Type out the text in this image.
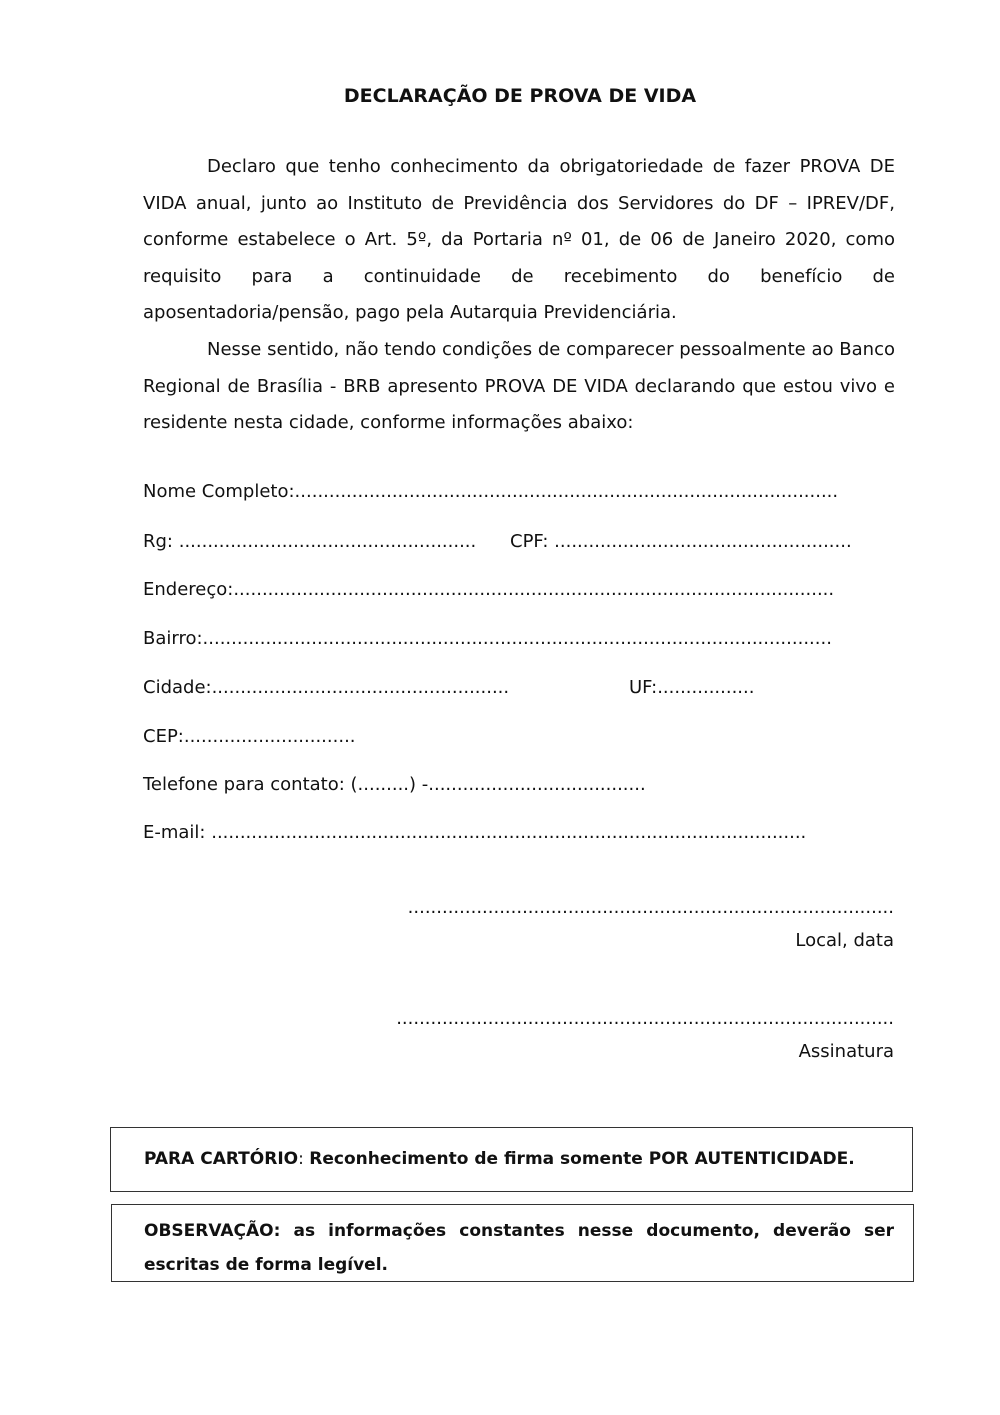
DECLARAÇÃO DE PROVA DE VIDA

Declaro que tenho conhecimento da obrigatoriedade de fazer PROVA DE VIDA anual, junto ao Instituto de Previdência dos Servidores do DF – IPREV/DF, conforme estabelece o Art. 5º, da Portaria nº 01, de 06 de Janeiro 2020, como requisito para a continuidade de recebimento do benefício de aposentadoria/pensão, pago pela Autarquia Previdenciária.

Nesse sentido, não tendo condições de comparecer pessoalmente ao Banco Regional de Brasília - BRB apresento PROVA DE VIDA declarando que estou vivo e residente nesta cidade, conforme informações abaixo:

Nome Completo:...............................................................................................
Rg: .................................................... CPF: ....................................................
Endereço:.........................................................................................................
Bairro:..............................................................................................................
Cidade:....................................................	UF:.................
CEP:..............................
Telefone para contato: (.........) -......................................
E-mail: ........................................................................................................
.....................................................................................
Local, data
.......................................................................................
Assinatura
PARA CARTÓRIO: Reconhecimento de firma somente POR AUTENTICIDADE.
OBSERVAÇÃO: as informações constantes nesse documento, deverão ser escritas de forma legível.
